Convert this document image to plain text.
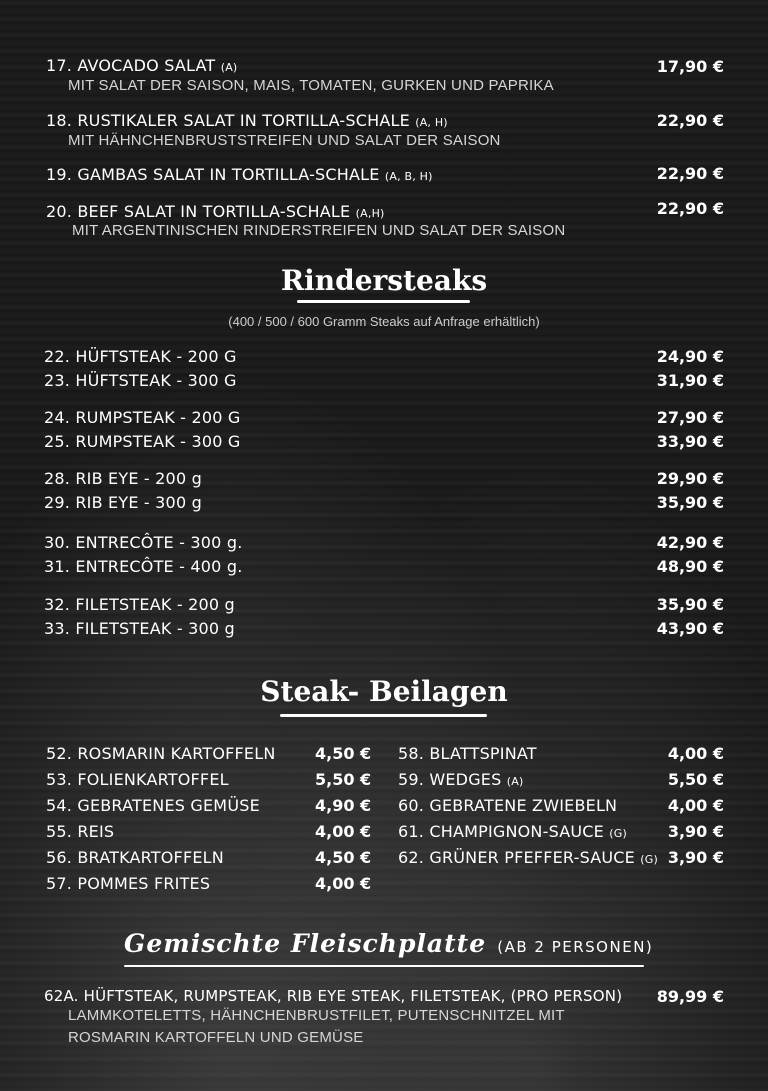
17. AVOCADO SALAT (A)
MIT SALAT DER SAISON, MAIS, TOMATEN, GURKEN UND PAPRIKA
17,90 €
18. RUSTIKALER SALAT IN TORTILLA-SCHALE (A, H)
MIT HÄHNCHENBRUSTSTREIFEN UND SALAT DER SAISON
22,90 €
19. GAMBAS SALAT IN TORTILLA-SCHALE (A, B, H)	22,90 €
20. BEEF SALAT IN TORTILLA-SCHALE (A,H)
MIT ARGENTINISCHEN RINDERSTREIFEN UND SALAT DER SAISON
22,90 €
Rindersteaks
(400 / 500 / 600 Gramm Steaks auf Anfrage erhältlich)
22. HÜFTSTEAK - 200 G	24,90 €
23. HÜFTSTEAK - 300 G	31,90 €
24. RUMPSTEAK - 200 G	27,90 €
25. RUMPSTEAK - 300 G	33,90 €
28. RIB EYE - 200 g	29,90 €
29. RIB EYE - 300 g	35,90 €
30. ENTRECÔTE - 300 g.	42,90 €
31. ENTRECÔTE - 400 g.	48,90 €
32. FILETSTEAK - 200 g	35,90 €
33. FILETSTEAK - 300 g	43,90 €
Steak- Beilagen
52. ROSMARIN KARTOFFELN 4,50 €
53. FOLIENKARTOFFEL	5,50 €
54. GEBRATENES GEMÜSE	4,90 €
55. REIS	4,00 €
56. BRATKARTOFFELN	4,50 €
57. POMMES FRITES	4,00 €
58. BLATTSPINAT	4,00 €
59. WEDGES (A)	5,50 €
60. GEBRATENE ZWIEBELN	4,00 €
61. CHAMPIGNON-SAUCE (G)	3,90 €
62. GRÜNER PFEFFER-SAUCE (G) 3,90 €
Gemischte Fleischplatte (AB 2 PERSONEN)
62A. HÜFTSTEAK, RUMPSTEAK, RIB EYE STEAK, FILETSTEAK, (PRO PERSON) 89,99 €
LAMMKOTELETTS, HÄHNCHENBRUSTFILET, PUTENSCHNITZEL MIT
ROSMARIN KARTOFFELN UND GEMÜSE
